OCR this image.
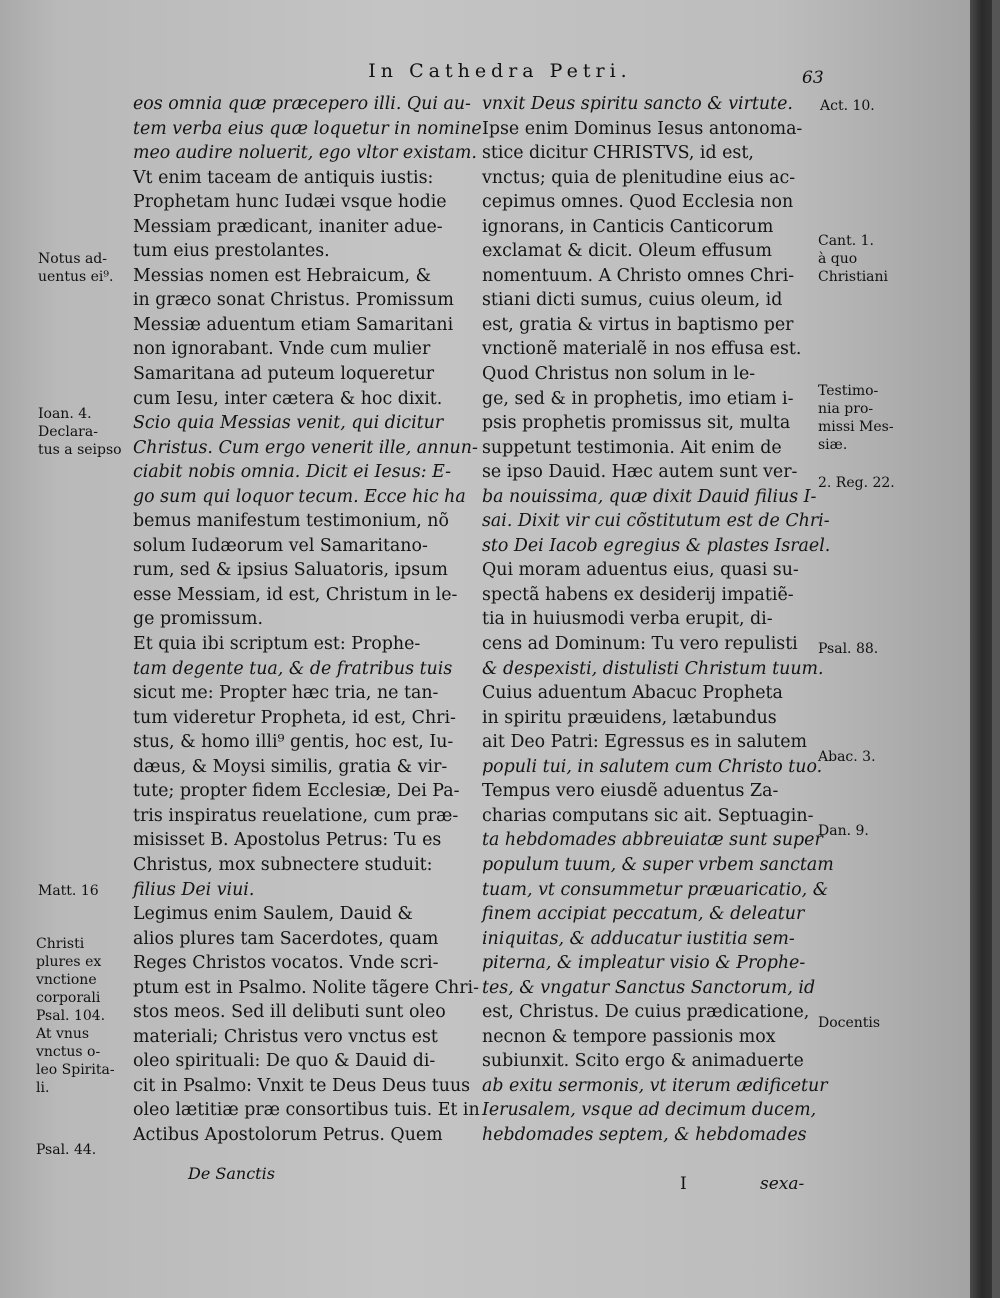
In Cathedra Petri.	63
eos omnia quæ præcepero illi. Qui au-
tem verba eius quæ loquetur in nomine
meo audire noluerit, ego vltor existam.
Vt enim taceam de antiquis iustis:
Prophetam hunc Iudæi vsque hodie
Messiam prædicant, inaniter adue-
tum eius prestolantes.
Messias nomen est Hebraicum, &
in græco sonat Christus. Promissum
Messiæ aduentum etiam Samaritani
non ignorabant. Vnde cum mulier
Samaritana ad puteum loqueretur
cum Iesu, inter cætera & hoc dixit.
Scio quia Messias venit, qui dicitur
Christus. Cum ergo venerit ille, annun-
ciabit nobis omnia. Dicit ei Iesus: E-
go sum qui loquor tecum. Ecce hic ha
bemus manifestum testimonium, nõ
solum Iudæorum vel Samaritano-
rum, sed & ipsius Saluatoris, ipsum
esse Messiam, id est, Christum in le-
ge promissum.
Et quia ibi scriptum est: Prophe-
tam degente tua, & de fratribus tuis
sicut me: Propter hæc tria, ne tan-
tum videretur Propheta, id est, Chri-
stus, & homo illi⁹ gentis, hoc est, Iu-
dæus, & Moysi similis, gratia & vir-
tute; propter fidem Ecclesiæ, Dei Pa-
tris inspiratus reuelatione, cum præ-
misisset B. Apostolus Petrus: Tu es
Christus, mox subnectere studuit:
filius Dei viui.
Legimus enim Saulem, Dauid &
alios plures tam Sacerdotes, quam
Reges Christos vocatos. Vnde scri-
ptum est in Psalmo. Nolite tãgere Chri-
stos meos. Sed ill delibuti sunt oleo
materiali; Christus vero vnctus est
oleo spirituali: De quo & Dauid di-
cit in Psalmo: Vnxit te Deus Deus tuus
oleo lætitiæ præ consortibus tuis. Et in
Actibus Apostolorum Petrus. Quem
vnxit Deus spiritu sancto & virtute.
Ipse enim Dominus Iesus antonoma-
stice dicitur CHRISTVS, id est,
vnctus; quia de plenitudine eius ac-
cepimus omnes. Quod Ecclesia non
ignorans, in Canticis Canticorum
exclamat & dicit. Oleum effusum
nomentuum. A Christo omnes Chri-
stiani dicti sumus, cuius oleum, id
est, gratia & virtus in baptismo per
vnctionẽ materialẽ in nos effusa est.
Quod Christus non solum in le-
ge, sed & in prophetis, imo etiam i-
psis prophetis promissus sit, multa
suppetunt testimonia. Ait enim de
se ipso Dauid. Hæc autem sunt ver-
ba nouissima, quæ dixit Dauid filius I-
sai. Dixit vir cui cõstitutum est de Chri-
sto Dei Iacob egregius & plastes Israel.
Qui moram aduentus eius, quasi su-
spectã habens ex desiderij impatiẽ-
tia in huiusmodi verba erupit, di-
cens ad Dominum: Tu vero repulisti
& despexisti, distulisti Christum tuum.
Cuius aduentum Abacuc Propheta
in spiritu præuidens, lætabundus
ait Deo Patri: Egressus es in salutem
populi tui, in salutem cum Christo tuo.
Tempus vero eiusdẽ aduentus Za-
charias computans sic ait. Septuagin-
ta hebdomades abbreuiatæ sunt super
populum tuum, & super vrbem sanctam
tuam, vt consummetur præuaricatio, &
finem accipiat peccatum, & deleatur
iniquitas, & adducatur iustitia sem-
piterna, & impleatur visio & Prophe-
tes, & vngatur Sanctus Sanctorum, id
est, Christus. De cuius prædicatione,
necnon & tempore passionis mox
subiunxit. Scito ergo & animaduerte
ab exitu sermonis, vt iterum ædificetur
Ierusalem, vsque ad decimum ducem,
hebdomades septem, & hebdomades
Notus ad-
uentus ei⁹.
Ioan. 4.
Declara-
tus a seipso
Matt. 16
Christi
plures ex
vnctione
corporali
Psal. 104.
At vnus
vnctus o-
leo Spirita-
li.
Psal. 44.
Act. 10.
Cant. 1.
à quo
Christiani
Testimo-
nia pro-
missi Mes-
siæ.
2. Reg. 22.
Psal. 88.
Abac. 3.
Dan. 9.
Docentis
De Sanctis
I	sexa-
